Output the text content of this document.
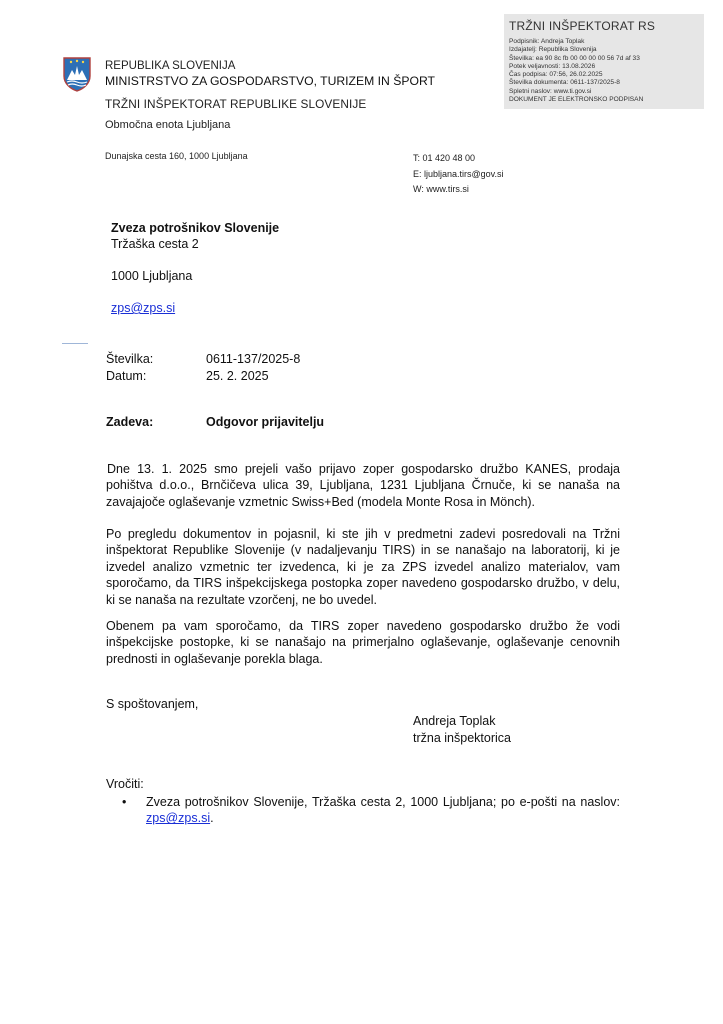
TRŽNI INŠPEKTORAT RS
Podpisnik: Andreja Toplak
Izdajatelj: Republika Slovenija
Številka: ea 90 8c fb 00 00 00 00 56 7d af 33
Potek veljavnosti: 13.08.2026
Čas podpisa: 07:56, 26.02.2025
Številka dokumenta: 0611-137/2025-8
Spletni naslov: www.ti.gov.si
DOKUMENT JE ELEKTRONSKO PODPISAN
REPUBLIKA SLOVENIJA
MINISTRSTVO ZA GOSPODARSTVO, TURIZEM IN ŠPORT
TRŽNI INŠPEKTORAT REPUBLIKE SLOVENIJE
Območna enota Ljubljana
Dunajska cesta 160, 1000 Ljubljana	T: 01 420 48 00
E: ljubljana.tirs@gov.si
W: www.tirs.si
Zveza potrošnikov Slovenije
Tržaška cesta 2
1000 Ljubljana
zps@zps.si
Številka:	0611-137/2025-8
Datum:	25. 2. 2025
Zadeva:	Odgovor prijavitelju
Dne 13. 1. 2025 smo prejeli vašo prijavo zoper gospodarsko družbo KANES, prodaja pohištva d.o.o., Brnčičeva ulica 39, Ljubljana, 1231 Ljubljana Črnuče, ki se nanaša na zavajajoče oglaševanje vzmetnic Swiss+Bed (modela Monte Rosa in Mönch).
Po pregledu dokumentov in pojasnil, ki ste jih v predmetni zadevi posredovali na Tržni inšpektorat Republike Slovenije (v nadaljevanju TIRS) in se nanašajo na laboratorij, ki je izvedel analizo vzmetnic ter izvedenca, ki je za ZPS izvedel analizo materialov, vam sporočamo, da TIRS inšpekcijskega postopka zoper navedeno gospodarsko družbo, v delu, ki se nanaša na rezultate vzorčenj, ne bo uvedel.
Obenem pa vam sporočamo, da TIRS zoper navedeno gospodarsko družbo že vodi inšpekcijske postopke, ki se nanašajo na primerjalno oglaševanje, oglaševanje cenovnih prednosti in oglaševanje porekla blaga.
S spoštovanjem,
Andreja Toplak
tržna inšpektorica
Vročiti:
• Zveza potrošnikov Slovenije, Tržaška cesta 2, 1000 Ljubljana; po e-pošti na naslov: zps@zps.si.
